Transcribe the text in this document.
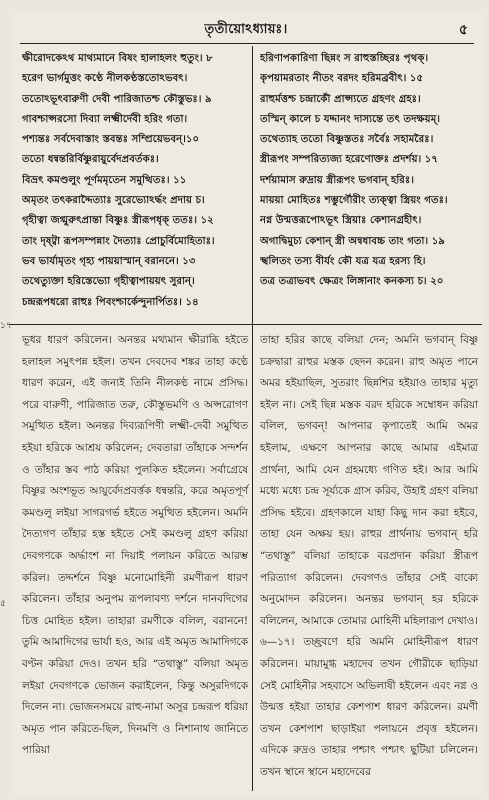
তৃতীয়োঽধ্যায়ঃ।	৫
ক্ষীরোদকেঽথ মাথ্যমানে বিষং হালাহলং হুতুং। ৮
হরেণ ভার্গমুত্তং কণ্ঠে নীলকণ্ঠস্ততোঽভবৎ।
ততোঽভূৎবারুণী দেবী পারিজাতশ্চ কৌস্তুভঃ। ৯
গাবশ্চাপ্সরসো দিব্যা লক্ষ্মীর্দেবী হরিং গতা।
পশ্যন্তঃ সর্বদেবাস্তাং স্তবন্তঃ সম্প্রিয়েভবন্‌।১০
ততো ধন্বন্তরির্বিষ্ণুরায়ুর্বেদপ্রবর্তকঃ।
বিভ্রৎ কমণ্ডলুং পূর্ণমমৃতেন সমুত্থিতঃ। ১১
অমৃতং তৎকরাদ্দৈত্যাঃ সুরেভ্যোঽর্দ্ধং প্রদায় চ।
গৃহীত্বা জগ্মুরুৎপ্রান্তা বিষ্ণুঃ স্ত্রীরূপধৃক্‌ ততঃ। ১২
তাং দৃষ্ট্বা রূপসম্পন্নাং দৈত্যাঃ প্রোচুর্বিমোহিতাঃ।
ভব ভার্যামৃতং গৃহ্য পায়য়াস্মান্‌ বরাননে। ১৩
তথেত্যুক্তা হরিস্তেভ্যো গৃহীত্বাপায়য়ৎ সুরান্‌।
চন্দ্ররূপধরো রাহুঃ পিবংশ্চার্কেন্দুনার্পিতঃ। ১৪
হরিণাপকারিণা ছিন্নং স রাহুস্তচ্ছিরঃ পৃথক্‌।
কৃপয়ামরতাং নীতং বরদং হরিমব্রবীৎ। ১৫
রাহুর্মত্তশ্চ চন্দ্রার্কৌ প্রাপ্স্যতে গ্রহণং গ্রহঃ।
তস্মিন্‌ কালে চ যদ্দানং দাস্যন্তে তৎ তদক্ষয়ম্‌।
তথেত্যাহ ততো বিষ্ণুস্ততঃ সর্বৈঃ সহামরৈঃ।
স্ত্রীরূপং সম্পরিত্যজ্য হরেণোক্তঃ প্রদর্শয়। ১৭
দর্শয়ামাস রুদ্রায় স্ত্রীরূপং ভগবান্‌ হরিঃ।
মায়য়া মোহিতঃ শম্ভুর্গৌরীং ত্যক্ত্বা স্ত্রিয়ং গতঃ।
নগ্ন উন্মত্তরূপোঽভূৎ স্ত্রিয়াঃ কেশানগ্রহীৎ।
অগাদ্বিমুচ্য কেশান্‌ স্ত্রী অন্বধাবচ্চ তাং গতা। ১৯
স্খলিতং তস্য বীর্যং কৌ যত্র যত্র হরস্য হি।
তত্র তত্রাভবৎ ক্ষেত্রং লিঙ্গানাং কনকস্য চ। ২০

ভূধর ধারণ করিলেন। অনন্তর মথ্যমান ক্ষীরাব্ধি হইতে হলাহল সমুৎপন্ন হইল। তখন দেবদেব শঙ্কর তাহা কণ্ঠে ধারণ করেন, এই জন্যই তিনি নীলকণ্ঠ নামে প্রসিদ্ধ। পরে বারুণী, পারিজাত তরু, কৌস্তুভমণি ও অপ্সরোগণ সমুত্থিত হইল। অনন্তর দিব্যরূপিণী লক্ষ্মী-দেবী সমুত্থিত হইয়া হরিকে আশ্রয় করিলেন; দেবতারা তাঁহাকে সন্দর্শন ও তাঁহার স্তব পাঠ করিয়া পুলকিত হইলেন। সর্বাগ্রেষে বিষ্ণুর অংশভূত আয়ুর্বেদপ্রবর্ত্তক ধন্বন্তরি, করে অমৃতপূর্ণ কমণ্ডলু লইয়া সাগরগর্ভ হইতে সমুত্থিত হইলেন। অমনি দৈত্যগণ তাঁহার হস্ত হইতে সেই কমণ্ডলু গ্রহণ করিয়া দেবগণকে অর্দ্ধাংশ না দিয়াই পলায়ন করিতে আরম্ভ করিল। তদ্দর্শনে বিষ্ণু মনোমোহিনী রমণীরূপ ধারণ করিলেন। তাঁহার অনুপম রূপলাবণ্য দর্শনে দানবদিগের চিত্ত মোহিত হইল। তাহারা রমণীকে বলিল, বরাননে! তুমি আমাদিগের ভার্যা হও, আর এই অমৃত আমাদিগকে বণ্টন করিয়া দেও। তখন হরি “তথাস্তু” বলিয়া অমৃত লইয়া দেবগণকে ভোজন করাইলেন, কিন্তু অসুরদিগকে দিলেন না। ভোজনসময়ে রাহু-নামা অসুর চন্দ্ররূপ ধরিয়া অমৃত পান করিতে-ছিল, দিনমণি ও নিশানাথ জানিতে পারিয়া

তাহা হরির কাছে বলিয়া দেন; অমনি ভগবান্‌ বিষ্ণু চক্রদ্বারা রাহুর মস্তক ছেদন করেন। রাহু অমৃত পানে অমর হইয়াছিল, সুতরাং ছিন্নশির হইয়াও তাহার মৃত্যু হইল না। সেই ছিন্ন মস্তক বরদ হরিকে সম্বোধন করিয়া বলিল, ভগবন্‌! আপনার কৃপাতেই আমি অমর হইলাম, এক্ষণে আপনার কাছে আমার এইমাত্র প্রার্থনা, আমি যেন গ্রহমধ্যে গণিত হই। আর আমি মধ্যে মধ্যে চন্দ্র সূর্য্যকে গ্রাস করিব, উহাই গ্রহণ বলিয়া প্রসিদ্ধ হইবে। গ্রহণকালে যাহা কিছু দান করা হইবে, তাহা যেন অক্ষয় হয়। রাহুর প্রার্থনায় ভগবান্‌ হরি “তথাস্তু” বলিয়া তাহাকে বরপ্রদান করিয়া স্ত্রীরূপ পরিত্যাগ করিলেন। দেবগণও তাঁহার সেই বাক্যে অনুমোদন করিলেন। অনন্তর ভগবান্‌ হর হরিকে বলিলেন, আমাকে তোমার মোহিনী মহিলারূপ দেখাও। ৬—১৭। তচ্ছ্রবণে হরি অমনি মোহিনীরূপ ধারণ করিলেন। মায়ামুগ্ধ মহাদেব তখন গৌরীকে ছাড়িয়া সেই মোহিনীর সহবাসে অভিলাষী হইলেন এবং নগ্ন ও উন্মত্ত হইয়া তাহার কেশপাশ ধারণ করিলেন। রমণী তখন কেশপাশ ছাড়াইয়া পলায়নে প্রবৃত্ত হইলেন। এদিকে রুদ্রও তাহার পশ্চাৎ পশ্চাৎ ছুটিয়া চলিলেন। তখন স্থানে স্থানে মহাদেবের

১৭
৫
